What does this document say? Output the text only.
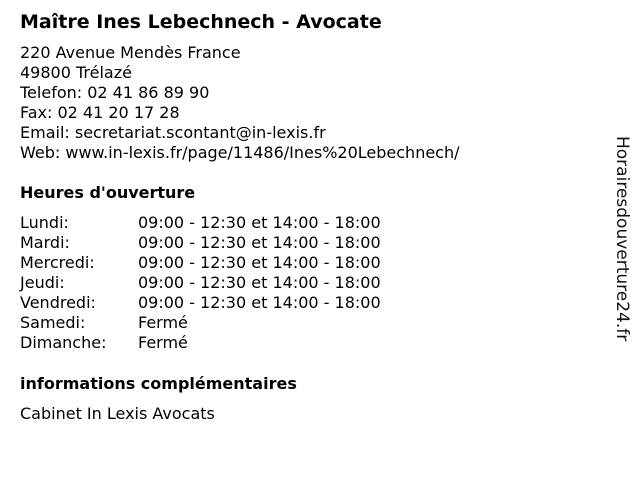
Maître Ines Lebechnech - Avocate
220 Avenue Mendès France
49800 Trélazé
Telefon: 02 41 86 89 90
Fax: 02 41 20 17 28
Email: secretariat.scontant@in-lexis.fr
Web: www.in-lexis.fr/page/11486/Ines%20Lebechnech/
Heures d'ouverture
Lundi:	09:00 - 12:30 et 14:00 - 18:00
Mardi:	09:00 - 12:30 et 14:00 - 18:00
Mercredi:	09:00 - 12:30 et 14:00 - 18:00
Jeudi:	09:00 - 12:30 et 14:00 - 18:00
Vendredi:	09:00 - 12:30 et 14:00 - 18:00
Samedi:	Fermé
Dimanche:	Fermé
informations complémentaires
Cabinet In Lexis Avocats
Horairesdouverture24.fr
